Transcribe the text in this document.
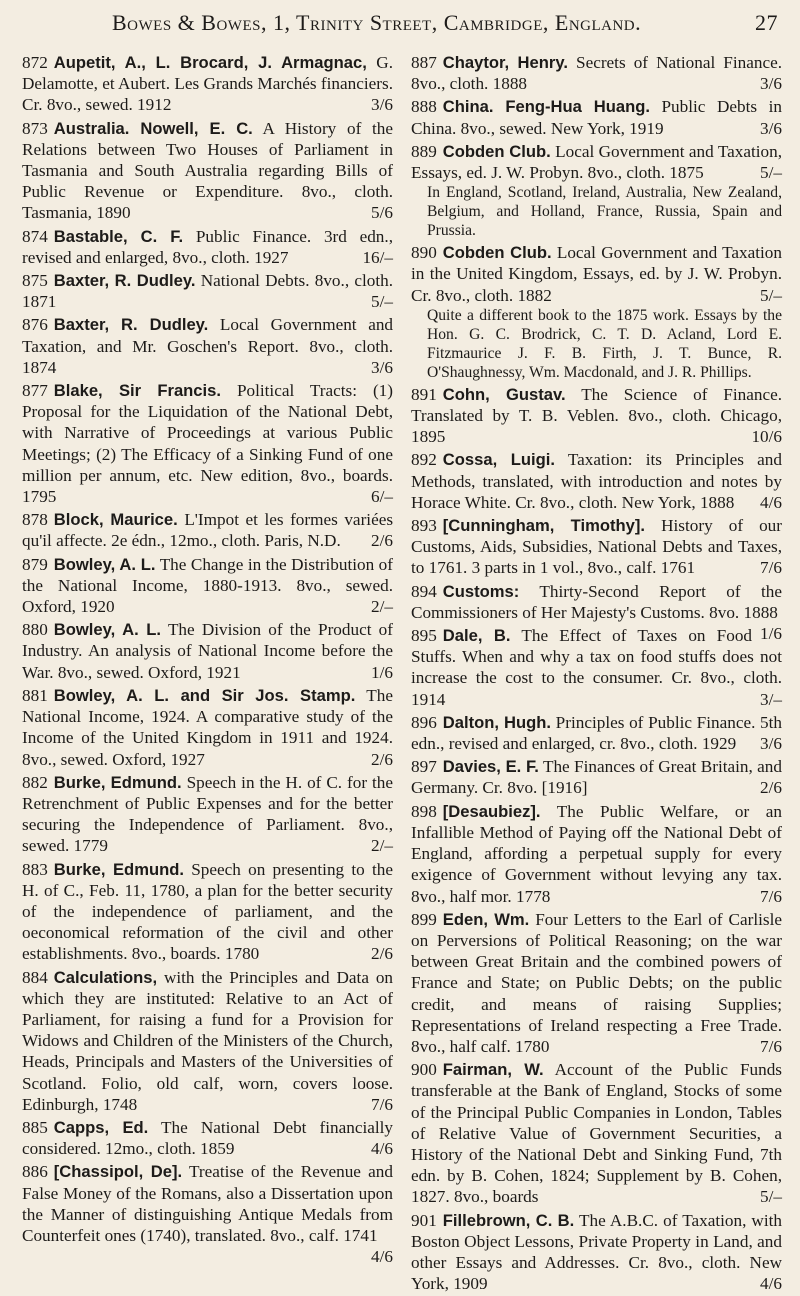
Bowes & Bowes, 1, Trinity Street, Cambridge, England.	27

872 Aupetit, A., L. Brocard, J. Armagnac, G. Delamotte, et Aubert. Les Grands Marchés financiers. Cr. 8vo., sewed. 1912	3/6

873 Australia. Nowell, E. C. A History of the Relations between Two Houses of Parliament in Tasmania and South Australia regarding Bills of Public Revenue or Expenditure. 8vo., cloth. Tasmania, 1890	5/6

874 Bastable, C. F. Public Finance. 3rd edn., revised and enlarged, 8vo., cloth. 1927	16/–

875 Baxter, R. Dudley. National Debts. 8vo., cloth. 1871	5/–

876 Baxter, R. Dudley. Local Government and Taxation, and Mr. Goschen's Report. 8vo., cloth. 1874	3/6

877 Blake, Sir Francis. Political Tracts: (1) Proposal for the Liquidation of the National Debt, with Narrative of Proceedings at various Public Meetings; (2) The Efficacy of a Sinking Fund of one million per annum, etc. New edition, 8vo., boards. 1795	6/–

878 Block, Maurice. L'Impot et les formes variées qu'il affecte. 2e édn., 12mo., cloth. Paris, N.D. 2/6

879 Bowley, A. L. The Change in the Distribution of the National Income, 1880-1913. 8vo., sewed. Oxford, 1920	2/–

880 Bowley, A. L. The Division of the Product of Industry. An analysis of National Income before the War. 8vo., sewed. Oxford, 1921	1/6

881 Bowley, A. L. and Sir Jos. Stamp. The National Income, 1924. A comparative study of the Income of the United Kingdom in 1911 and 1924. 8vo., sewed. Oxford, 1927	2/6

882 Burke, Edmund. Speech in the H. of C. for the Retrenchment of Public Expenses and for the better securing the Independence of Parliament. 8vo., sewed. 1779	2/–

883 Burke, Edmund. Speech on presenting to the H. of C., Feb. 11, 1780, a plan for the better security of the independence of parliament, and the oeconomical reformation of the civil and other establishments. 8vo., boards. 1780	2/6

884 Calculations, with the Principles and Data on which they are instituted: Relative to an Act of Parliament, for raising a fund for a Provision for Widows and Children of the Ministers of the Church, Heads, Principals and Masters of the Universities of Scotland. Folio, old calf, worn, covers loose. Edinburgh, 1748	7/6

885 Capps, Ed. The National Debt financially considered. 12mo., cloth. 1859	4/6

886 [Chassipol, De]. Treatise of the Revenue and False Money of the Romans, also a Dissertation upon the Manner of distinguishing Antique Medals from Counterfeit ones (1740), translated. 8vo., calf. 1741
4/6

887 Chaytor, Henry. Secrets of National Finance. 8vo., cloth. 1888	3/6

888 China. Feng-Hua Huang. Public Debts in China. 8vo., sewed. New York, 1919	3/6

889 Cobden Club. Local Government and Taxation, Essays, ed. J. W. Probyn. 8vo., cloth. 1875	5/–
In England, Scotland, Ireland, Australia, New Zealand, Belgium, and Holland, France, Russia, Spain and Prussia.

890 Cobden Club. Local Government and Taxation in the United Kingdom, Essays, ed. by J. W. Probyn. Cr. 8vo., cloth. 1882	5/–
Quite a different book to the 1875 work. Essays by the Hon. G. C. Brodrick, C. T. D. Acland, Lord E. Fitzmaurice J. F. B. Firth, J. T. Bunce, R. O'Shaughnessy, Wm. Macdonald, and J. R. Phillips.

891 Cohn, Gustav. The Science of Finance. Translated by T. B. Veblen. 8vo., cloth. Chicago, 1895	10/6

892 Cossa, Luigi. Taxation: its Principles and Methods, translated, with introduction and notes by Horace White. Cr. 8vo., cloth. New York, 1888 4/6

893 [Cunningham, Timothy]. History of our Customs, Aids, Subsidies, National Debts and Taxes, to 1761. 3 parts in 1 vol., 8vo., calf. 1761	7/6

894 Customs: Thirty-Second Report of the Commissioners of Her Majesty's Customs. 8vo. 1888
1/6

895 Dale, B. The Effect of Taxes on Food Stuffs. When and why a tax on food stuffs does not increase the cost to the consumer. Cr. 8vo., cloth. 1914	3/–

896 Dalton, Hugh. Principles of Public Finance. 5th edn., revised and enlarged, cr. 8vo., cloth. 1929 3/6

897 Davies, E. F. The Finances of Great Britain, and Germany. Cr. 8vo. [1916]	2/6

898 [Desaubiez]. The Public Welfare, or an Infallible Method of Paying off the National Debt of England, affording a perpetual supply for every exigence of Government without levying any tax. 8vo., half mor. 1778	7/6

899 Eden, Wm. Four Letters to the Earl of Carlisle on Perversions of Political Reasoning; on the war between Great Britain and the combined powers of France and State; on Public Debts; on the public credit, and means of raising Supplies; Representations of Ireland respecting a Free Trade. 8vo., half calf. 1780	7/6

900 Fairman, W. Account of the Public Funds transferable at the Bank of England, Stocks of some of the Principal Public Companies in London, Tables of Relative Value of Government Securities, a History of the National Debt and Sinking Fund, 7th edn. by B. Cohen, 1824; Supplement by B. Cohen, 1827. 8vo., boards	5/–

901 Fillebrown, C. B. The A.B.C. of Taxation, with Boston Object Lessons, Private Property in Land, and other Essays and Addresses. Cr. 8vo., cloth. New York, 1909	4/6
